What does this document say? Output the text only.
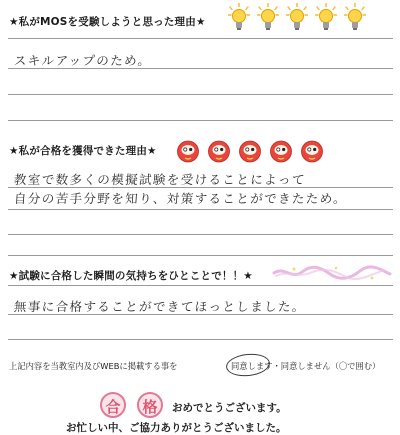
★私がMOSを受験しようと思った理由★
スキルアップのため。
★私が合格を獲得できた理由★
教室で数多くの模擬試験を受けることによって
自分の苦手分野を知り、対策することができたため。
★試験に合格した瞬間の気持ちをひとことで！！★
無事に合格することができてほっとしました。
上記内容を当教室内及びWEBに掲載する事を	同意します・同意しません（〇で囲む）
合	格	おめでとうございます。
お忙しい中、ご協力ありがとうございました。
